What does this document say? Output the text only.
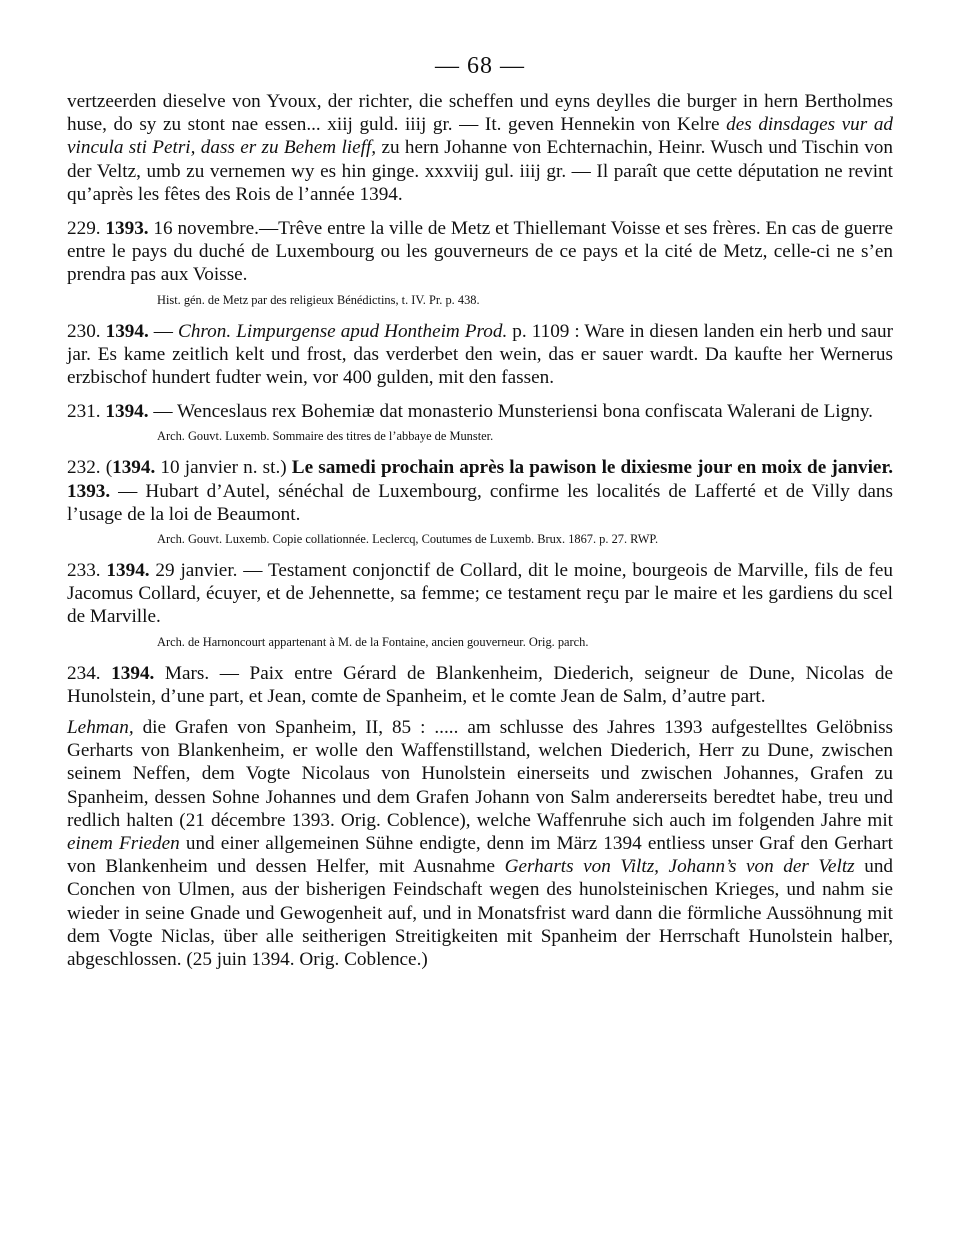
— 68 —

vertzeerden dieselve von Yvoux, der richter, die scheffen und eyns deylles die burger in hern Bertholmes huse, do sy zu stont nae essen... xiij guld. iiij gr. — It. geven Hennekin von Kelre des dinsdages vur ad vincula sti Petri, dass er zu Behem lieff, zu hern Johanne von Echternachin, Heinr. Wusch und Tischin von der Veltz, umb zu vernemen wy es hin ginge. xxxviij gul. iiij gr. — Il paraît que cette députation ne revint qu’après les fêtes des Rois de l’année 1394.

229. 1393. 16 novembre.—Trêve entre la ville de Metz et Thiellemant Voisse et ses frères. En cas de guerre entre le pays du duché de Luxembourg ou les gouverneurs de ce pays et la cité de Metz, celle-ci ne s’en prendra pas aux Voisse.

Hist. gén. de Metz par des religieux Bénédictins, t. IV. Pr. p. 438.

230. 1394. — Chron. Limpurgense apud Hontheim Prod. p. 1109 : Ware in diesen landen ein herb und saur jar. Es kame zeitlich kelt und frost, das verderbet den wein, das er sauer wardt. Da kaufte her Wernerus erzbischof hundert fudter wein, vor 400 gulden, mit den fassen.

231. 1394. — Wenceslaus rex Bohemiæ dat monasterio Munsteriensi bona confiscata Walerani de Ligny.

Arch. Gouvt. Luxemb. Sommaire des titres de l’abbaye de Munster.

232. (1394. 10 janvier n. st.) Le samedi prochain après la pawison le dixiesme jour en moix de janvier. 1393. — Hubart d’Autel, sénéchal de Luxembourg, confirme les localités de Lafferté et de Villy dans l’usage de la loi de Beaumont.

Arch. Gouvt. Luxemb. Copie collationnée. Leclercq, Coutumes de Luxemb. Brux. 1867. p. 27. RWP.

233. 1394. 29 janvier. — Testament conjonctif de Collard, dit le moine, bourgeois de Marville, fils de feu Jacomus Collard, écuyer, et de Jehennette, sa femme; ce testament reçu par le maire et les gardiens du scel de Marville.

Arch. de Harnoncourt appartenant à M. de la Fontaine, ancien gouverneur. Orig. parch.

234. 1394. Mars. — Paix entre Gérard de Blankenheim, Diederich, seigneur de Dune, Nicolas de Hunolstein, d’une part, et Jean, comte de Spanheim, et le comte Jean de Salm, d’autre part.

Lehman, die Grafen von Spanheim, II, 85 : ..... am schlusse des Jahres 1393 aufgestelltes Gelöbniss Gerharts von Blankenheim, er wolle den Waffenstillstand, welchen Diederich, Herr zu Dune, zwischen seinem Neffen, dem Vogte Nicolaus von Hunolstein einerseits und zwischen Johannes, Grafen zu Spanheim, dessen Sohne Johannes und dem Grafen Johann von Salm andererseits beredtet habe, treu und redlich halten (21 décembre 1393. Orig. Coblence), welche Waffenruhe sich auch im folgenden Jahre mit einem Frieden und einer allgemeinen Sühne endigte, denn im März 1394 entliess unser Graf den Gerhart von Blankenheim und dessen Helfer, mit Ausnahme Gerharts von Viltz, Johann’s von der Veltz und Conchen von Ulmen, aus der bisherigen Feindschaft wegen des hunolsteinischen Krieges, und nahm sie wieder in seine Gnade und Gewogenheit auf, und in Monatsfrist ward dann die förmliche Aussöhnung mit dem Vogte Niclas, über alle seitherigen Streitigkeiten mit Spanheim der Herrschaft Hunolstein halber, abgeschlossen. (25 juin 1394. Orig. Coblence.)
